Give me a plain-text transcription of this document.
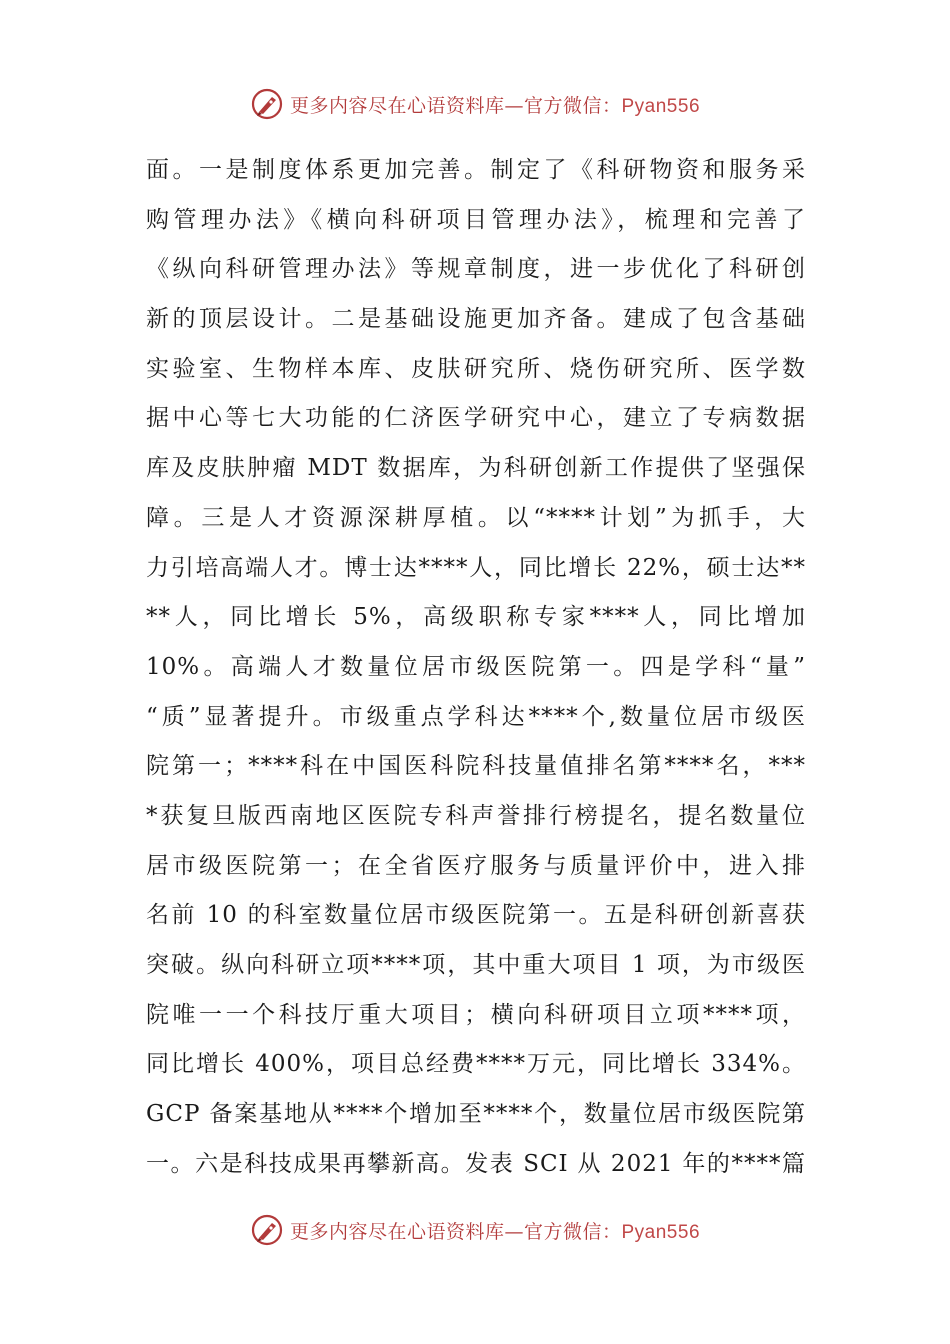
更多内容尽在心语资料库—官方微信：Pyan556
面。一是制度体系更加完善。制定了《科研物资和服务采
购管理办法》《横向科研项目管理办法》，梳理和完善了
《纵向科研管理办法》等规章制度，进一步优化了科研创
新的顶层设计。二是基础设施更加齐备。建成了包含基础
实验室、生物样本库、皮肤研究所、烧伤研究所、医学数
据中心等七大功能的仁济医学研究中心，建立了专病数据
库及皮肤肿瘤 MDT 数据库，为科研创新工作提供了坚强保
障。三是人才资源深耕厚植。以“****计划”为抓手，大
力引培高端人才。博士达****人，同比增长 22%，硕士达**
**人，同比增长 5%，高级职称专家****人，同比增加
10%。高端人才数量位居市级医院第一。四是学科“量”
“质”显著提升。市级重点学科达****个,数量位居市级医
院第一；****科在中国医科院科技量值排名第****名，***
*获复旦版西南地区医院专科声誉排行榜提名，提名数量位
居市级医院第一；在全省医疗服务与质量评价中，进入排
名前 10 的科室数量位居市级医院第一。五是科研创新喜获
突破。纵向科研立项****项，其中重大项目 1 项，为市级医
院唯一一个科技厅重大项目；横向科研项目立项****项，
同比增长 400%，项目总经费****万元，同比增长 334%。
GCP 备案基地从****个增加至****个，数量位居市级医院第
一。六是科技成果再攀新高。发表 SCI 从 2021 年的****篇
更多内容尽在心语资料库—官方微信：Pyan556
